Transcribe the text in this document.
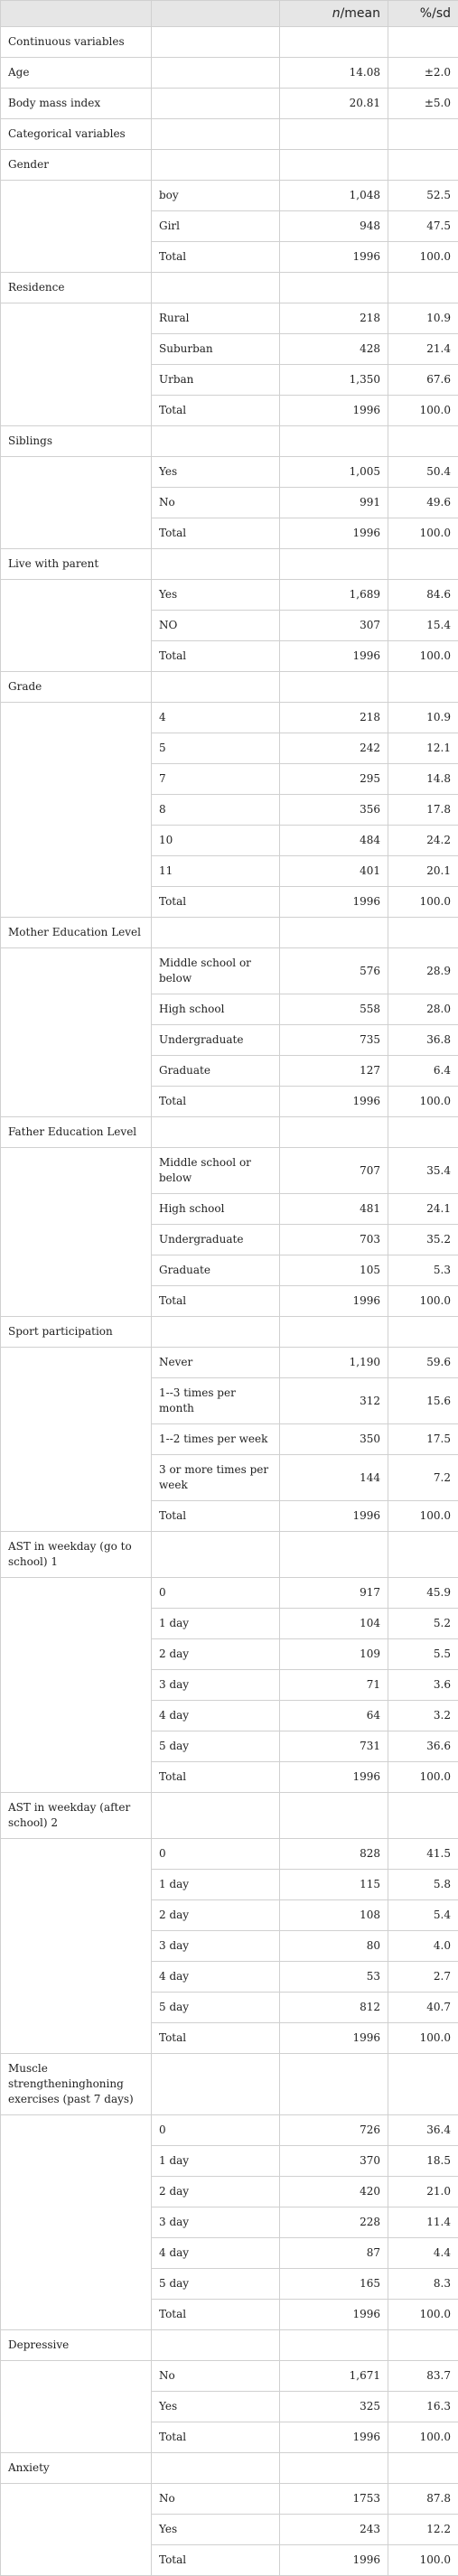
		n/mean	%/sd
Continuous variables			
Age		14.08	±2.0
Body mass index		20.81	±5.0
Categorical variables			
Gender			
	boy	1,048	52.5
	Girl	948	47.5
	Total	1996	100.0
Residence			
	Rural	218	10.9
	Suburban	428	21.4
	Urban	1,350	67.6
	Total	1996	100.0
Siblings			
	Yes	1,005	50.4
	No	991	49.6
	Total	1996	100.0
Live with parent			
	Yes	1,689	84.6
	NO	307	15.4
	Total	1996	100.0
Grade			
	4	218	10.9
	5	242	12.1
	7	295	14.8
	8	356	17.8
	10	484	24.2
	11	401	20.1
	Total	1996	100.0
Mother Education Level			
	Middle school or below	576	28.9
	High school	558	28.0
	Undergraduate	735	36.8
	Graduate	127	6.4
	Total	1996	100.0
Father Education Level			
	Middle school or below	707	35.4
	High school	481	24.1
	Undergraduate	703	35.2
	Graduate	105	5.3
	Total	1996	100.0
Sport participation			
	Never	1,190	59.6
	1--3 times per month	312	15.6
	1--2 times per week	350	17.5
	3 or more times per week	144	7.2
	Total	1996	100.0
AST in weekday (go to school) 1			
	0	917	45.9
	1 day	104	5.2
	2 day	109	5.5
	3 day	71	3.6
	4 day	64	3.2
	5 day	731	36.6
	Total	1996	100.0
AST in weekday (after school) 2			
	0	828	41.5
	1 day	115	5.8
	2 day	108	5.4
	3 day	80	4.0
	4 day	53	2.7
	5 day	812	40.7
	Total	1996	100.0
Muscle strengtheninghoning exercises (past 7 days)			
	0	726	36.4
	1 day	370	18.5
	2 day	420	21.0
	3 day	228	11.4
	4 day	87	4.4
	5 day	165	8.3
	Total	1996	100.0
Depressive			
	No	1,671	83.7
	Yes	325	16.3
	Total	1996	100.0
Anxiety			
	No	1753	87.8
	Yes	243	12.2
	Total	1996	100.0
